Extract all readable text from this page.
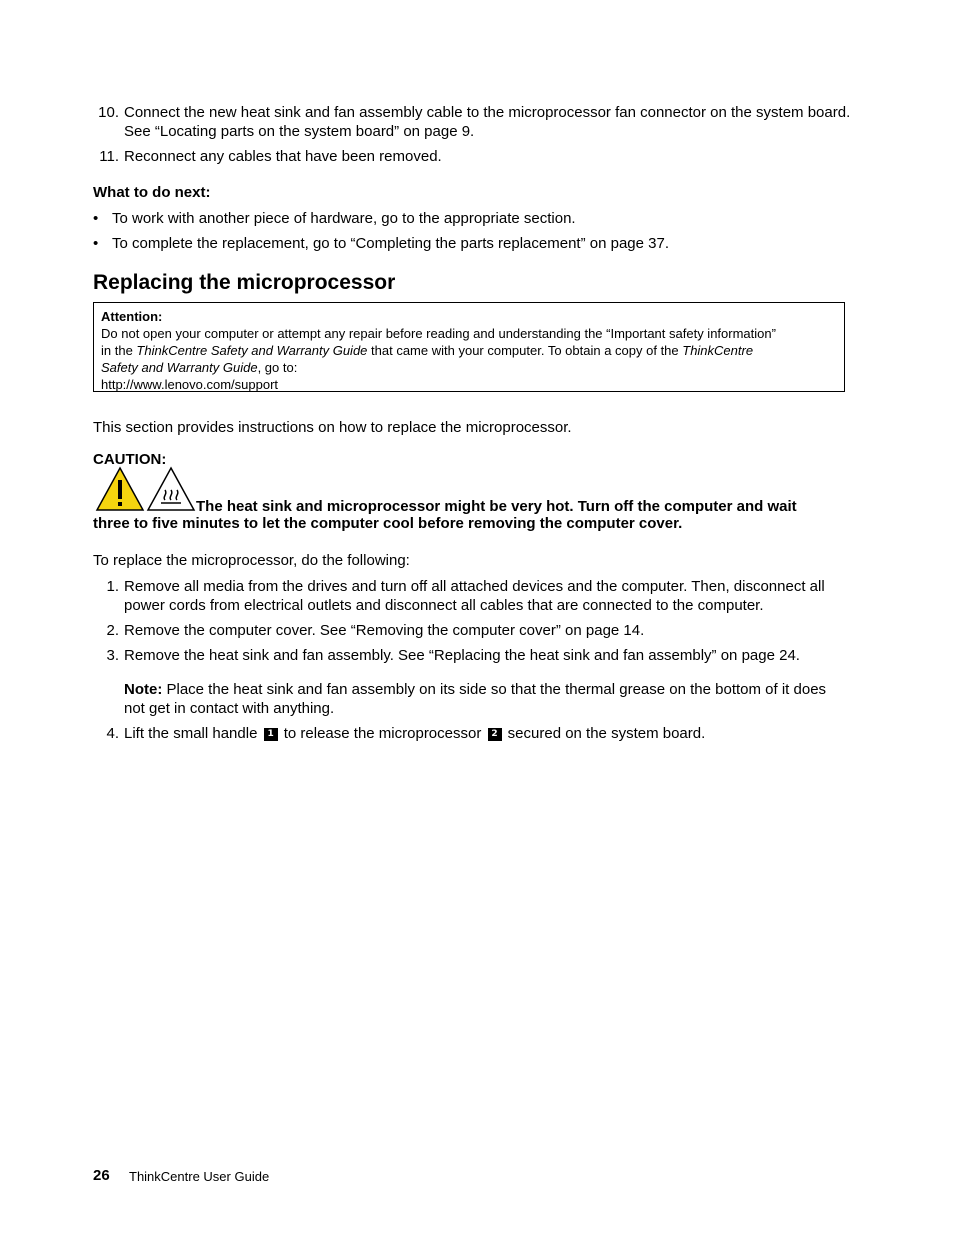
10. Connect the new heat sink and fan assembly cable to the microprocessor fan connector on the system board. See “Locating parts on the system board” on page 9.
11. Reconnect any cables that have been removed.
What to do next:
• To work with another piece of hardware, go to the appropriate section.
• To complete the replacement, go to “Completing the parts replacement” on page 37.
Replacing the microprocessor
Attention:
Do not open your computer or attempt any repair before reading and understanding the “Important safety information”
in the ThinkCentre Safety and Warranty Guide that came with your computer. To obtain a copy of the ThinkCentre
Safety and Warranty Guide, go to:
http://www.lenovo.com/support
This section provides instructions on how to replace the microprocessor.
CAUTION:
The heat sink and microprocessor might be very hot. Turn off the computer and wait
three to five minutes to let the computer cool before removing the computer cover.
To replace the microprocessor, do the following:
1. Remove all media from the drives and turn off all attached devices and the computer. Then, disconnect all power cords from electrical outlets and disconnect all cables that are connected to the computer.
2. Remove the computer cover. See “Removing the computer cover” on page 14.
3. Remove the heat sink and fan assembly. See “Replacing the heat sink and fan assembly” on page 24.
Note: Place the heat sink and fan assembly on its side so that the thermal grease on the bottom of it does not get in contact with anything.
4. Lift the small handle 1 to release the microprocessor 2 secured on the system board.
26 ThinkCentre User Guide
